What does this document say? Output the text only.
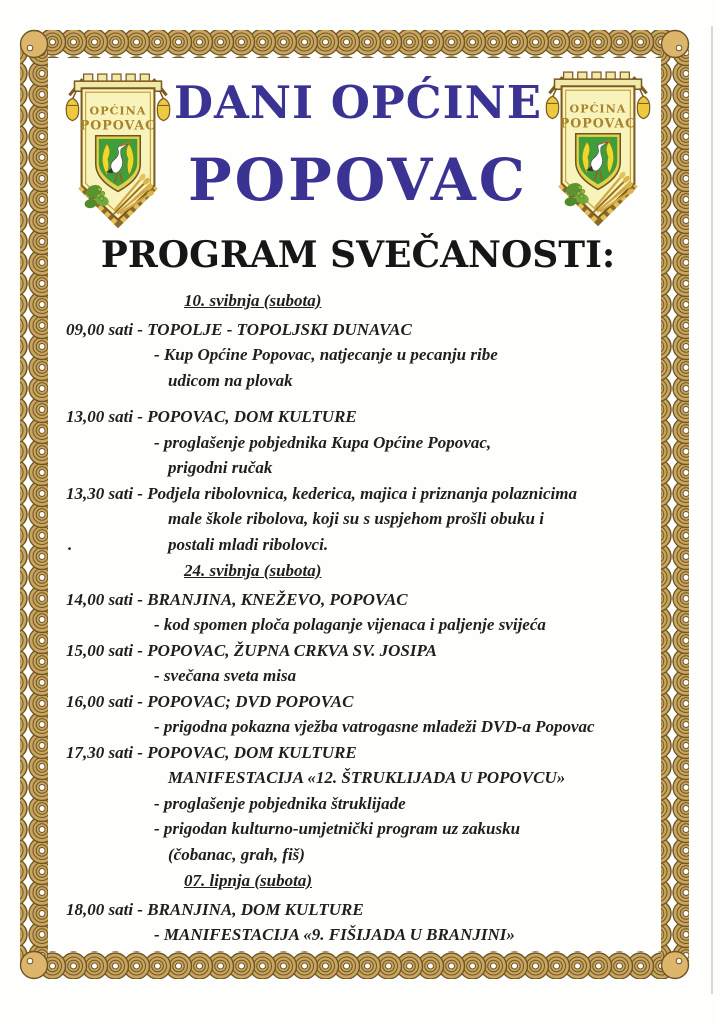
DANI OPĆINE
POPOVAC
PROGRAM SVEČANOSTI:
10. svibnja (subota)
09,00 sati - TOPOLJE - TOPOLJSKI DUNAVAC
- Kup Općine Popovac, natjecanje u pecanju ribe
udicom na plovak
13,00 sati - POPOVAC, DOM KULTURE
- proglašenje pobjednika Kupa Općine Popovac,
prigodni ručak
13,30 sati - Podjela ribolovnica, kederica, majica i priznanja polaznicima
male škole ribolova, koji su s uspjehom prošli obuku i
.	postali mladi ribolovci.
24. svibnja (subota)
14,00 sati - BRANJINA, KNEŽEVO, POPOVAC
- kod spomen ploča polaganje vijenaca i paljenje svijeća
15,00 sati - POPOVAC, ŽUPNA CRKVA SV. JOSIPA
- svečana sveta misa
16,00 sati - POPOVAC; DVD POPOVAC
- prigodna pokazna vježba vatrogasne mladeži DVD-a Popovac
17,30 sati - POPOVAC, DOM KULTURE
MANIFESTACIJA «12. ŠTRUKLIJADA U POPOVCU»
- proglašenje pobjednika štruklijade
- prigodan kulturno-umjetnički program uz zakusku
(čobanac, grah, fiš)
07. lipnja (subota)
18,00 sati - BRANJINA, DOM KULTURE
- MANIFESTACIJA «9. FIŠIJADA U BRANJINI»
